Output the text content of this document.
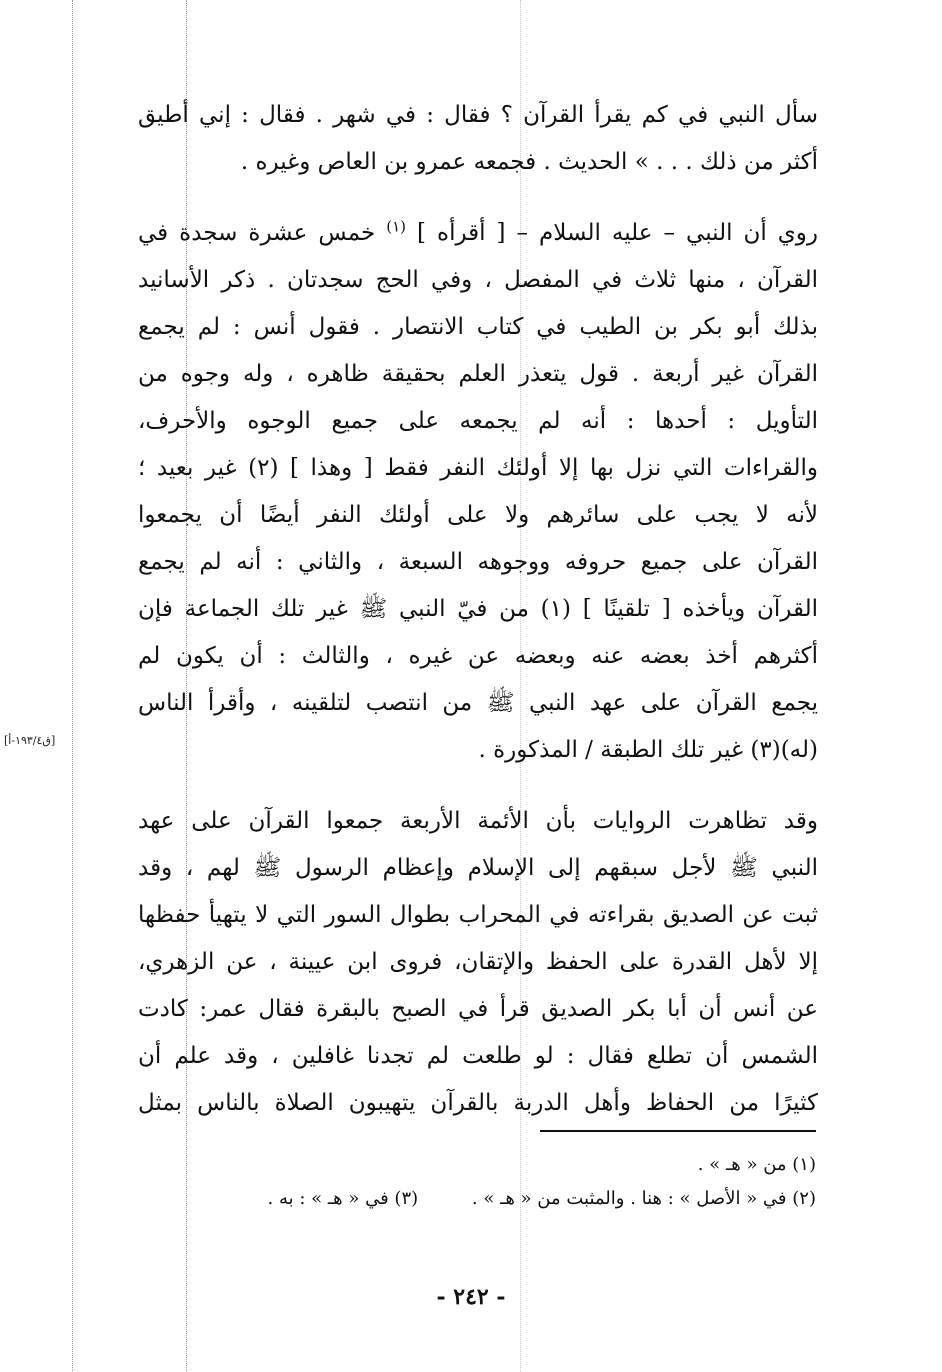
سأل النبي في كم يقرأ القرآن ؟ فقال : في شهر . فقال : إني أطيق
أكثر من ذلك . . . » الحديث . فجمعه عمرو بن العاص وغيره .
روي أن النبي – عليه السلام – [ أقرأه ] $^{(١)}$ خمس عشرة سجدة في
القرآن ، منها ثلاث في المفصل ، وفي الحج سجدتان . ذكر الأسانيد
بذلك أبو بكر بن الطيب في كتاب الانتصار . فقول أنس : لم يجمع
القرآن غير أربعة . قول يتعذر العلم بحقيقة ظاهره ، وله وجوه من
التأويل : أحدها : أنه لم يجمعه على جميع الوجوه والأحرف،
والقراءات التي نزل بها إلا أولئك النفر فقط [ وهذا ] (٢) غير بعيد ؛
لأنه لا يجب على سائرهم ولا على أولئك النفر أيضًا أن يجمعوا
القرآن على جميع حروفه ووجوهه السبعة ، والثاني : أنه لم يجمع
القرآن ويأخذه [ تلقينًا ] (١) من فيّ النبي ﷺ غير تلك الجماعة فإن
أكثرهم أخذ بعضه عنه وبعضه عن غيره ، والثالث : أن يكون لم
يجمع القرآن على عهد النبي ﷺ من انتصب لتلقينه ، وأقرأ الناس
(له)(٣) غير تلك الطبقة / المذكورة .
وقد تظاهرت الروايات بأن الأئمة الأربعة جمعوا القرآن على عهد
النبي ﷺ لأجل سبقهم إلى الإسلام وإعظام الرسول ﷺ لهم ، وقد
ثبت عن الصديق بقراءته في المحراب بطوال السور التي لا يتهيأ حفظها
إلا لأهل القدرة على الحفظ والإتقان، فروى ابن عيينة ، عن الزهري،
عن أنس أن أبا بكر الصديق قرأ في الصبح بالبقرة فقال عمر: كادت
الشمس أن تطلع فقال : لو طلعت لم تجدنا غافلين ، وقد علم أن
كثيرًا من الحفاظ وأهل الدربة بالقرآن يتهيبون الصلاة بالناس بمثل
[ق١٩٣/٤-أ]
(١) من « هـ » .
(٢) في « الأصل » : هنا . والمثبت من « هـ » . (٣) في « هـ » : به .
- ٢٤٢ -
